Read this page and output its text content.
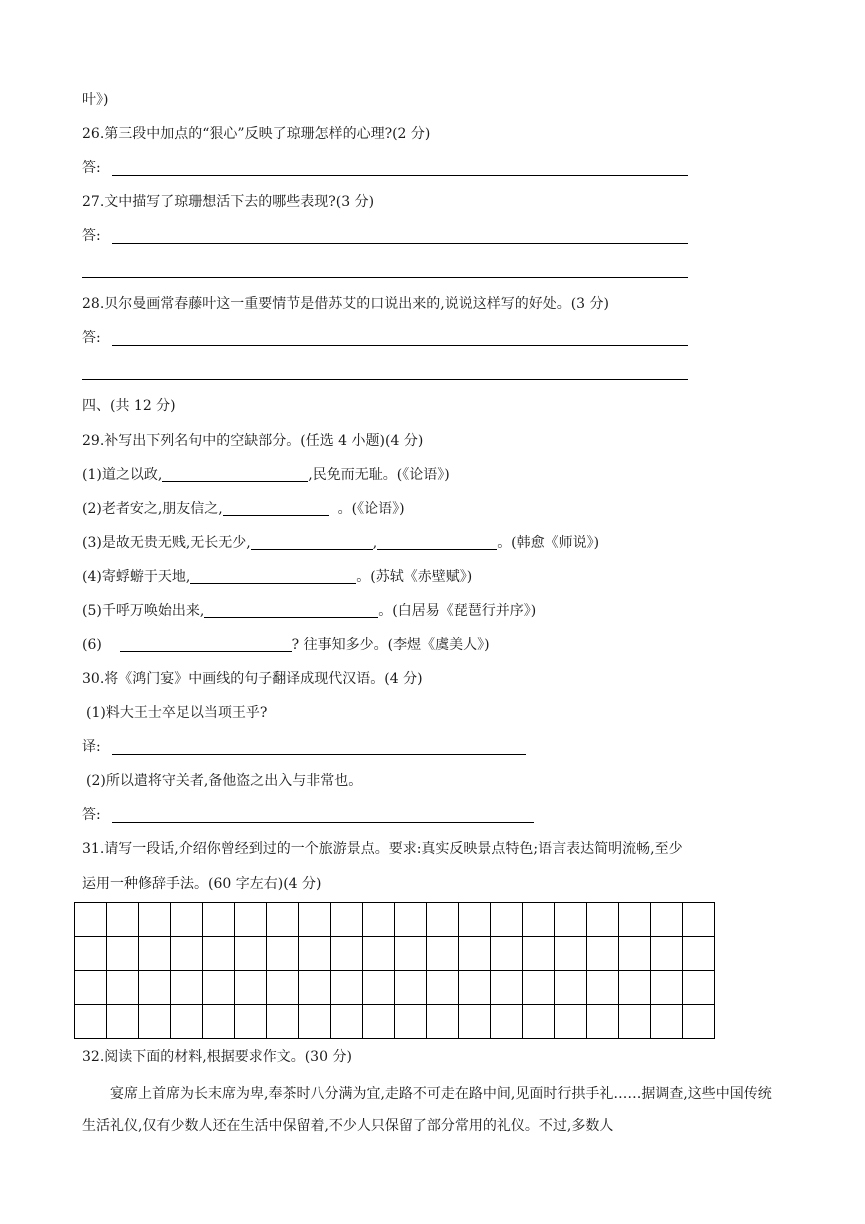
叶》)
26.第三段中加点的“狠心”反映了琼珊怎样的心理?(2 分)
答:
27.文中描写了琼珊想活下去的哪些表现?(3 分)
答:
28.贝尔曼画常春藤叶这一重要情节是借苏艾的口说出来的,说说这样写的好处。(3 分)
答:
四、(共 12 分)
29.补写出下列名句中的空缺部分。(任选 4 小题)(4 分)
(1)道之以政,	,民免而无耻。(《论语》)
(2)老者安之,朋友信之,	。(《论语》)
(3)是故无贵无贱,无长无少,	,	。(韩愈《师说》)
(4)寄蜉蝣于天地,	。(苏轼《赤壁赋》)
(5)千呼万唤始出来,	。(白居易《琵琶行并序》)
(6)	? 往事知多少。(李煜《虞美人》)
30.将《鸿门宴》中画线的句子翻译成现代汉语。(4 分)
(1)料大王士卒足以当项王乎?
译:
(2)所以遣将守关者,备他盗之出入与非常也。
答:
31.请写一段话,介绍你曾经到过的一个旅游景点。要求:真实反映景点特色;语言表达简明流畅,至少
运用一种修辞手法。(60 字左右)(4 分)

32.阅读下面的材料,根据要求作文。(30 分)
宴席上首席为长末席为卑,奉茶时八分满为宜,走路不可走在路中间,见面时行拱手礼……据调查,这些中国传统生活礼仪,仅有少数人还在生活中保留着,不少人只保留了部分常用的礼仪。不过,多数人
